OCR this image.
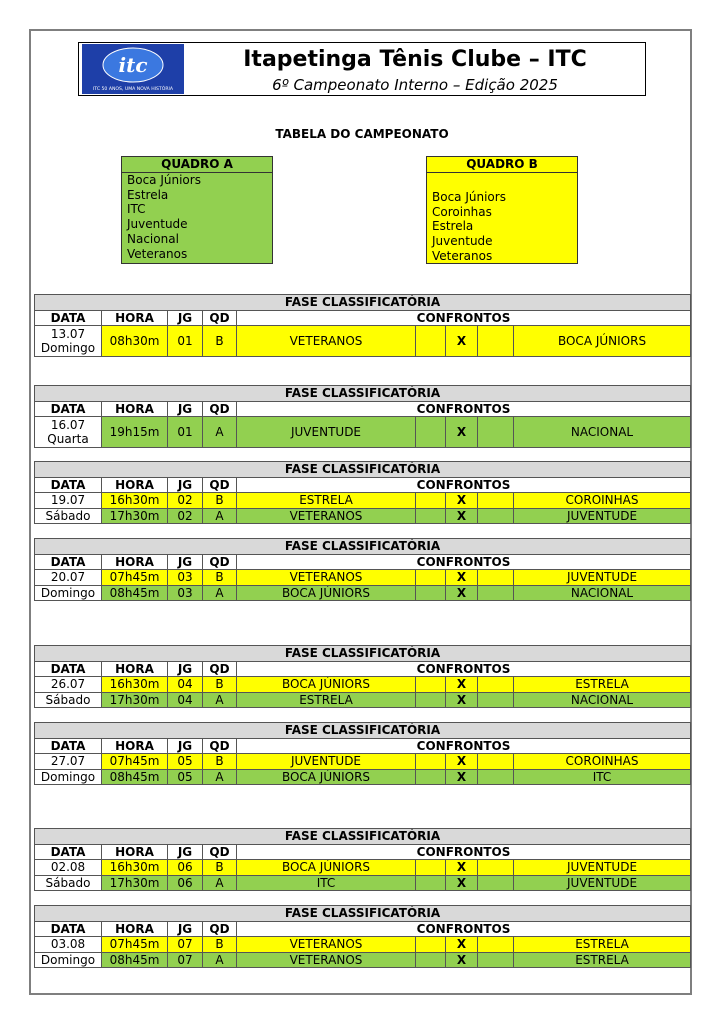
itc
ITC 50 ANOS, UMA NOVA HISTÓRIA
Itapetinga Tênis Clube – ITC
6º Campeonato Interno – Edição 2025
TABELA DO CAMPEONATO
QUADRO A
Boca Júniors
Estrela
ITC
Juventude
Nacional
Veteranos
QUADRO B
Boca Júniors
Coroinhas
Estrela
Juventude
Veteranos
FASE CLASSIFICATÓRIA								
DATA	HORA	JG	QD	CONFRONTOS				

13.07
Domingo	08h30m	01	B	VETERANOS		X		BOCA JÚNIORS
FASE CLASSIFICATÓRIA								
DATA	HORA	JG	QD	CONFRONTOS				

16.07
Quarta	19h15m	01	A	JUVENTUDE		X		NACIONAL
FASE CLASSIFICATÓRIA								
DATA	HORA	JG	QD	CONFRONTOS				
19.07	16h30m	02	B	ESTRELA		X		COROINHAS
Sábado	17h30m	02	A	VETERANOS		X		JUVENTUDE
FASE CLASSIFICATÓRIA								
DATA	HORA	JG	QD	CONFRONTOS				
20.07	07h45m	03	B	VETERANOS		X		JUVENTUDE
Domingo	08h45m	03	A	BOCA JÚNIORS		X		NACIONAL
FASE CLASSIFICATÓRIA								
DATA	HORA	JG	QD	CONFRONTOS				
26.07	16h30m	04	B	BOCA JÚNIORS		X		ESTRELA
Sábado	17h30m	04	A	ESTRELA		X		NACIONAL
FASE CLASSIFICATÓRIA								
DATA	HORA	JG	QD	CONFRONTOS				
27.07	07h45m	05	B	JUVENTUDE		X		COROINHAS
Domingo	08h45m	05	A	BOCA JÚNIORS		X		ITC
FASE CLASSIFICATÓRIA								
DATA	HORA	JG	QD	CONFRONTOS				
02.08	16h30m	06	B	BOCA JÚNIORS		X		JUVENTUDE
Sábado	17h30m	06	A	ITC		X		JUVENTUDE
FASE CLASSIFICATÓRIA								
DATA	HORA	JG	QD	CONFRONTOS				
03.08	07h45m	07	B	VETERANOS		X		ESTRELA
Domingo	08h45m	07	A	VETERANOS		X		ESTRELA
